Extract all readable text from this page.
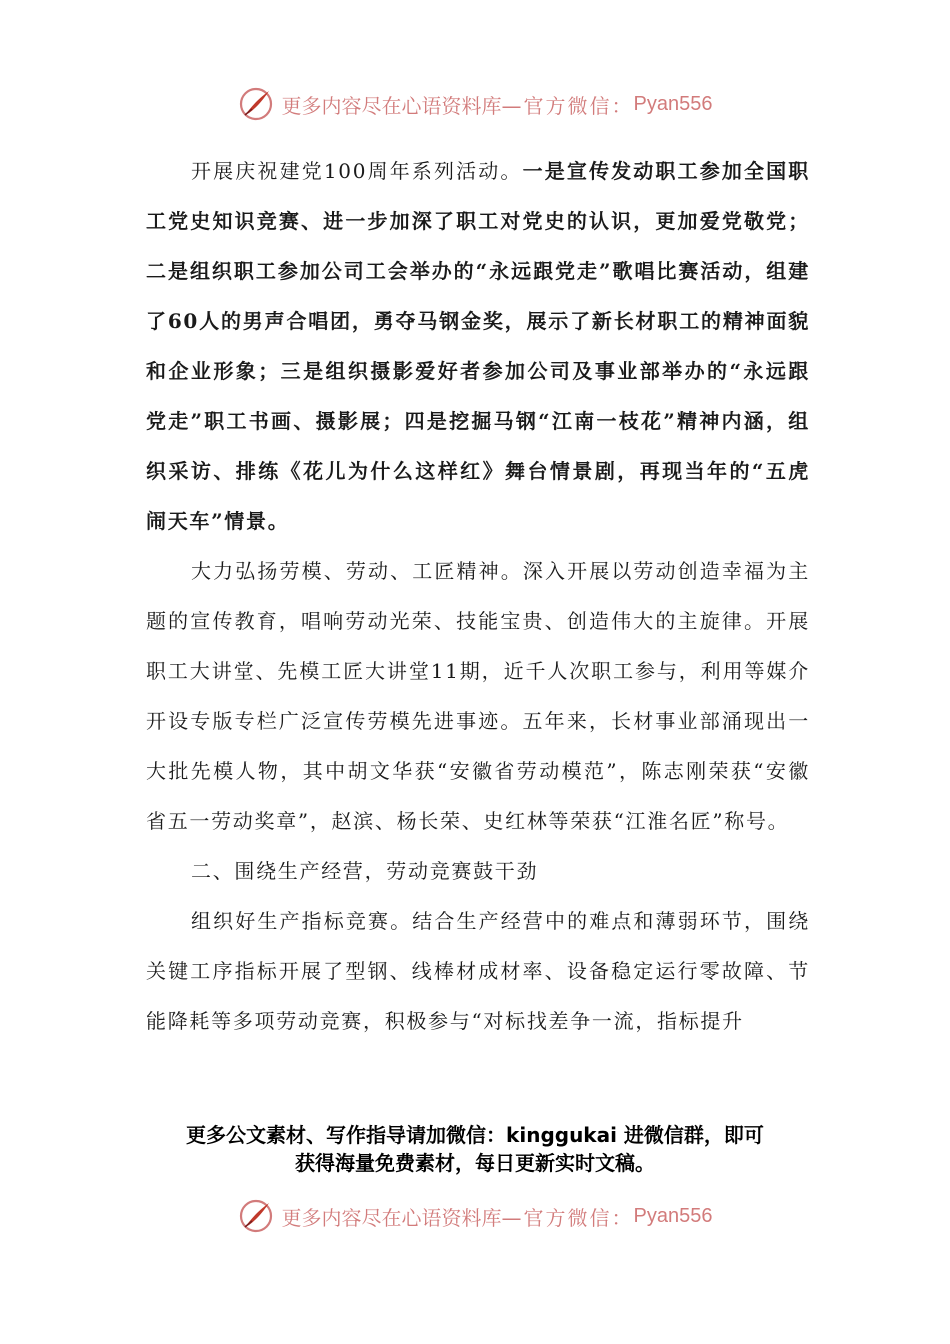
更多内容尽在心语资料库 —官方微信： Pyan556

开展庆祝建党100周年系列活动。一是宣传发动职工参加全国职工党史知识竞赛、进一步加深了职工对党史的认识，更加爱党敬党；二是组织职工参加公司工会举办的“永远跟党走”歌唱比赛活动，组建了60人的男声合唱团，勇夺马钢金奖，展示了新长材职工的精神面貌和企业形象；三是组织摄影爱好者参加公司及事业部举办的“永远跟党走”职工书画、摄影展；四是挖掘马钢“江南一枝花”精神内涵，组织采访、排练《花儿为什么这样红》舞台情景剧，再现当年的“五虎闹天车”情景。

大力弘扬劳模、劳动、工匠精神。深入开展以劳动创造幸福为主题的宣传教育，唱响劳动光荣、技能宝贵、创造伟大的主旋律。开展职工大讲堂、先模工匠大讲堂11期，近千人次职工参与，利用等媒介开设专版专栏广泛宣传劳模先进事迹。五年来，长材事业部涌现出一大批先模人物，其中胡文华获“安徽省劳动模范”，陈志刚荣获“安徽省五一劳动奖章”，赵滨、杨长荣、史红林等荣获“江淮名匠”称号。

二、围绕生产经营，劳动竞赛鼓干劲

组织好生产指标竞赛。结合生产经营中的难点和薄弱环节，围绕关键工序指标开展了型钢、线棒材成材率、设备稳定运行零故障、节能降耗等多项劳动竞赛，积极参与“对标找差争一流，指标提升

更多公文素材、写作指导请加微信：kinggukai 进微信群，即可
获得海量免费素材，每日更新实时文稿。
更多内容尽在心语资料库 —官方微信： Pyan556
